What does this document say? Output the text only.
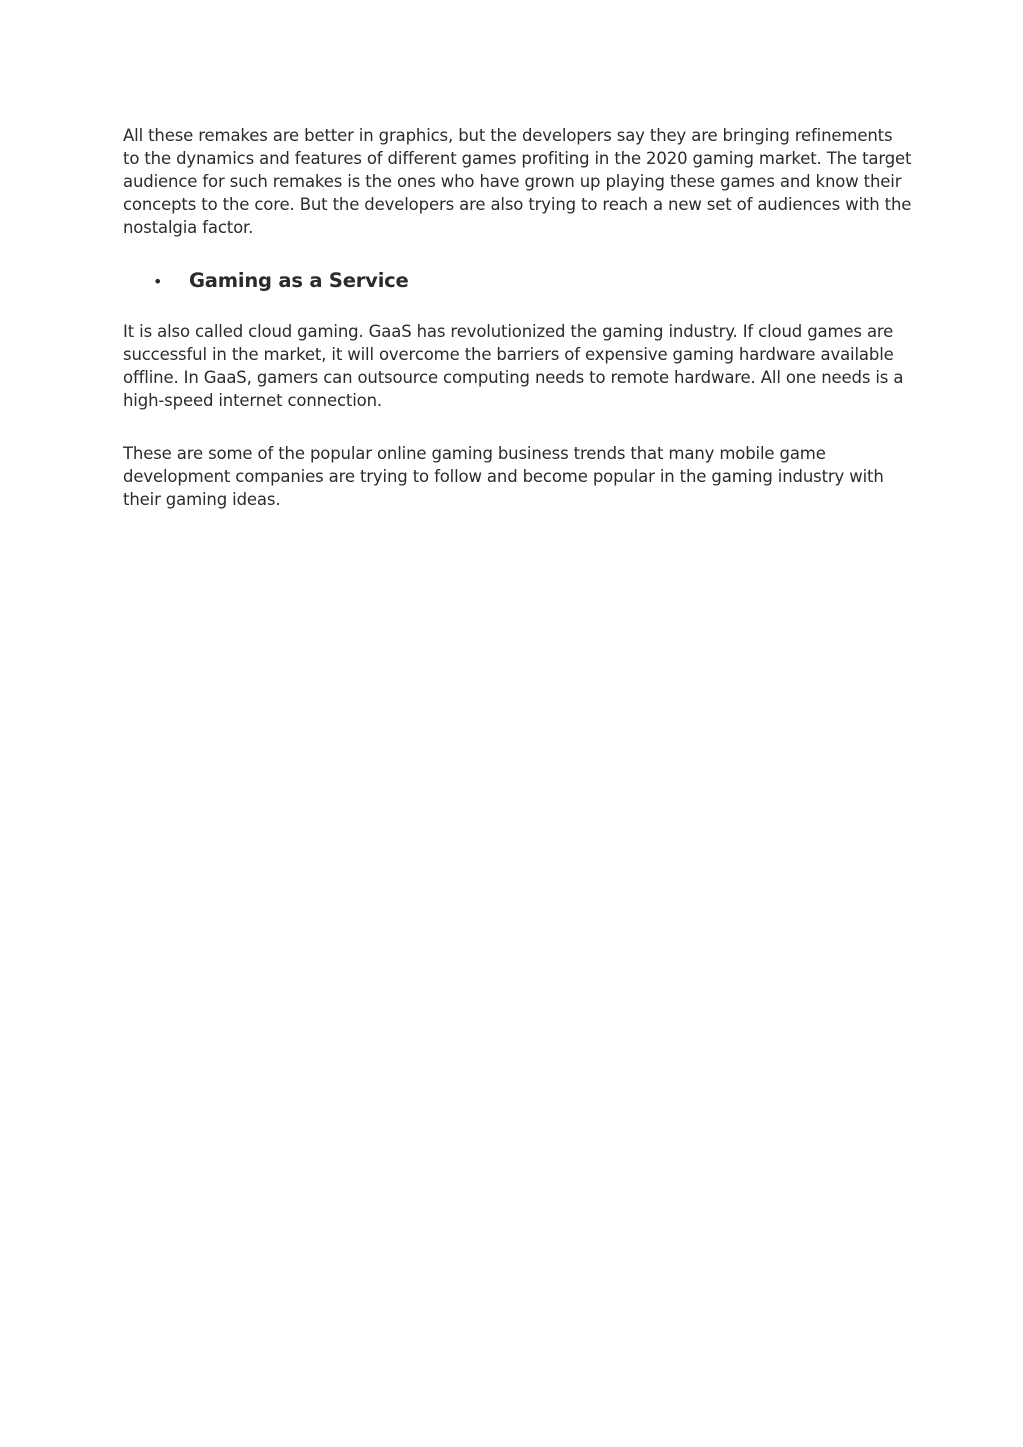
All these remakes are better in graphics, but the developers say they are bringing refinements to the dynamics and features of different games profiting in the 2020 gaming market. The target audience for such remakes is the ones who have grown up playing these games and know their concepts to the core. But the developers are also trying to reach a new set of audiences with the nostalgia factor.

•	Gaming as a Service

It is also called cloud gaming. GaaS has revolutionized the gaming industry. If cloud games are successful in the market, it will overcome the barriers of expensive gaming hardware available offline. In GaaS, gamers can outsource computing needs to remote hardware. All one needs is a high-speed internet connection.

These are some of the popular online gaming business trends that many mobile game development companies are trying to follow and become popular in the gaming industry with their gaming ideas.
